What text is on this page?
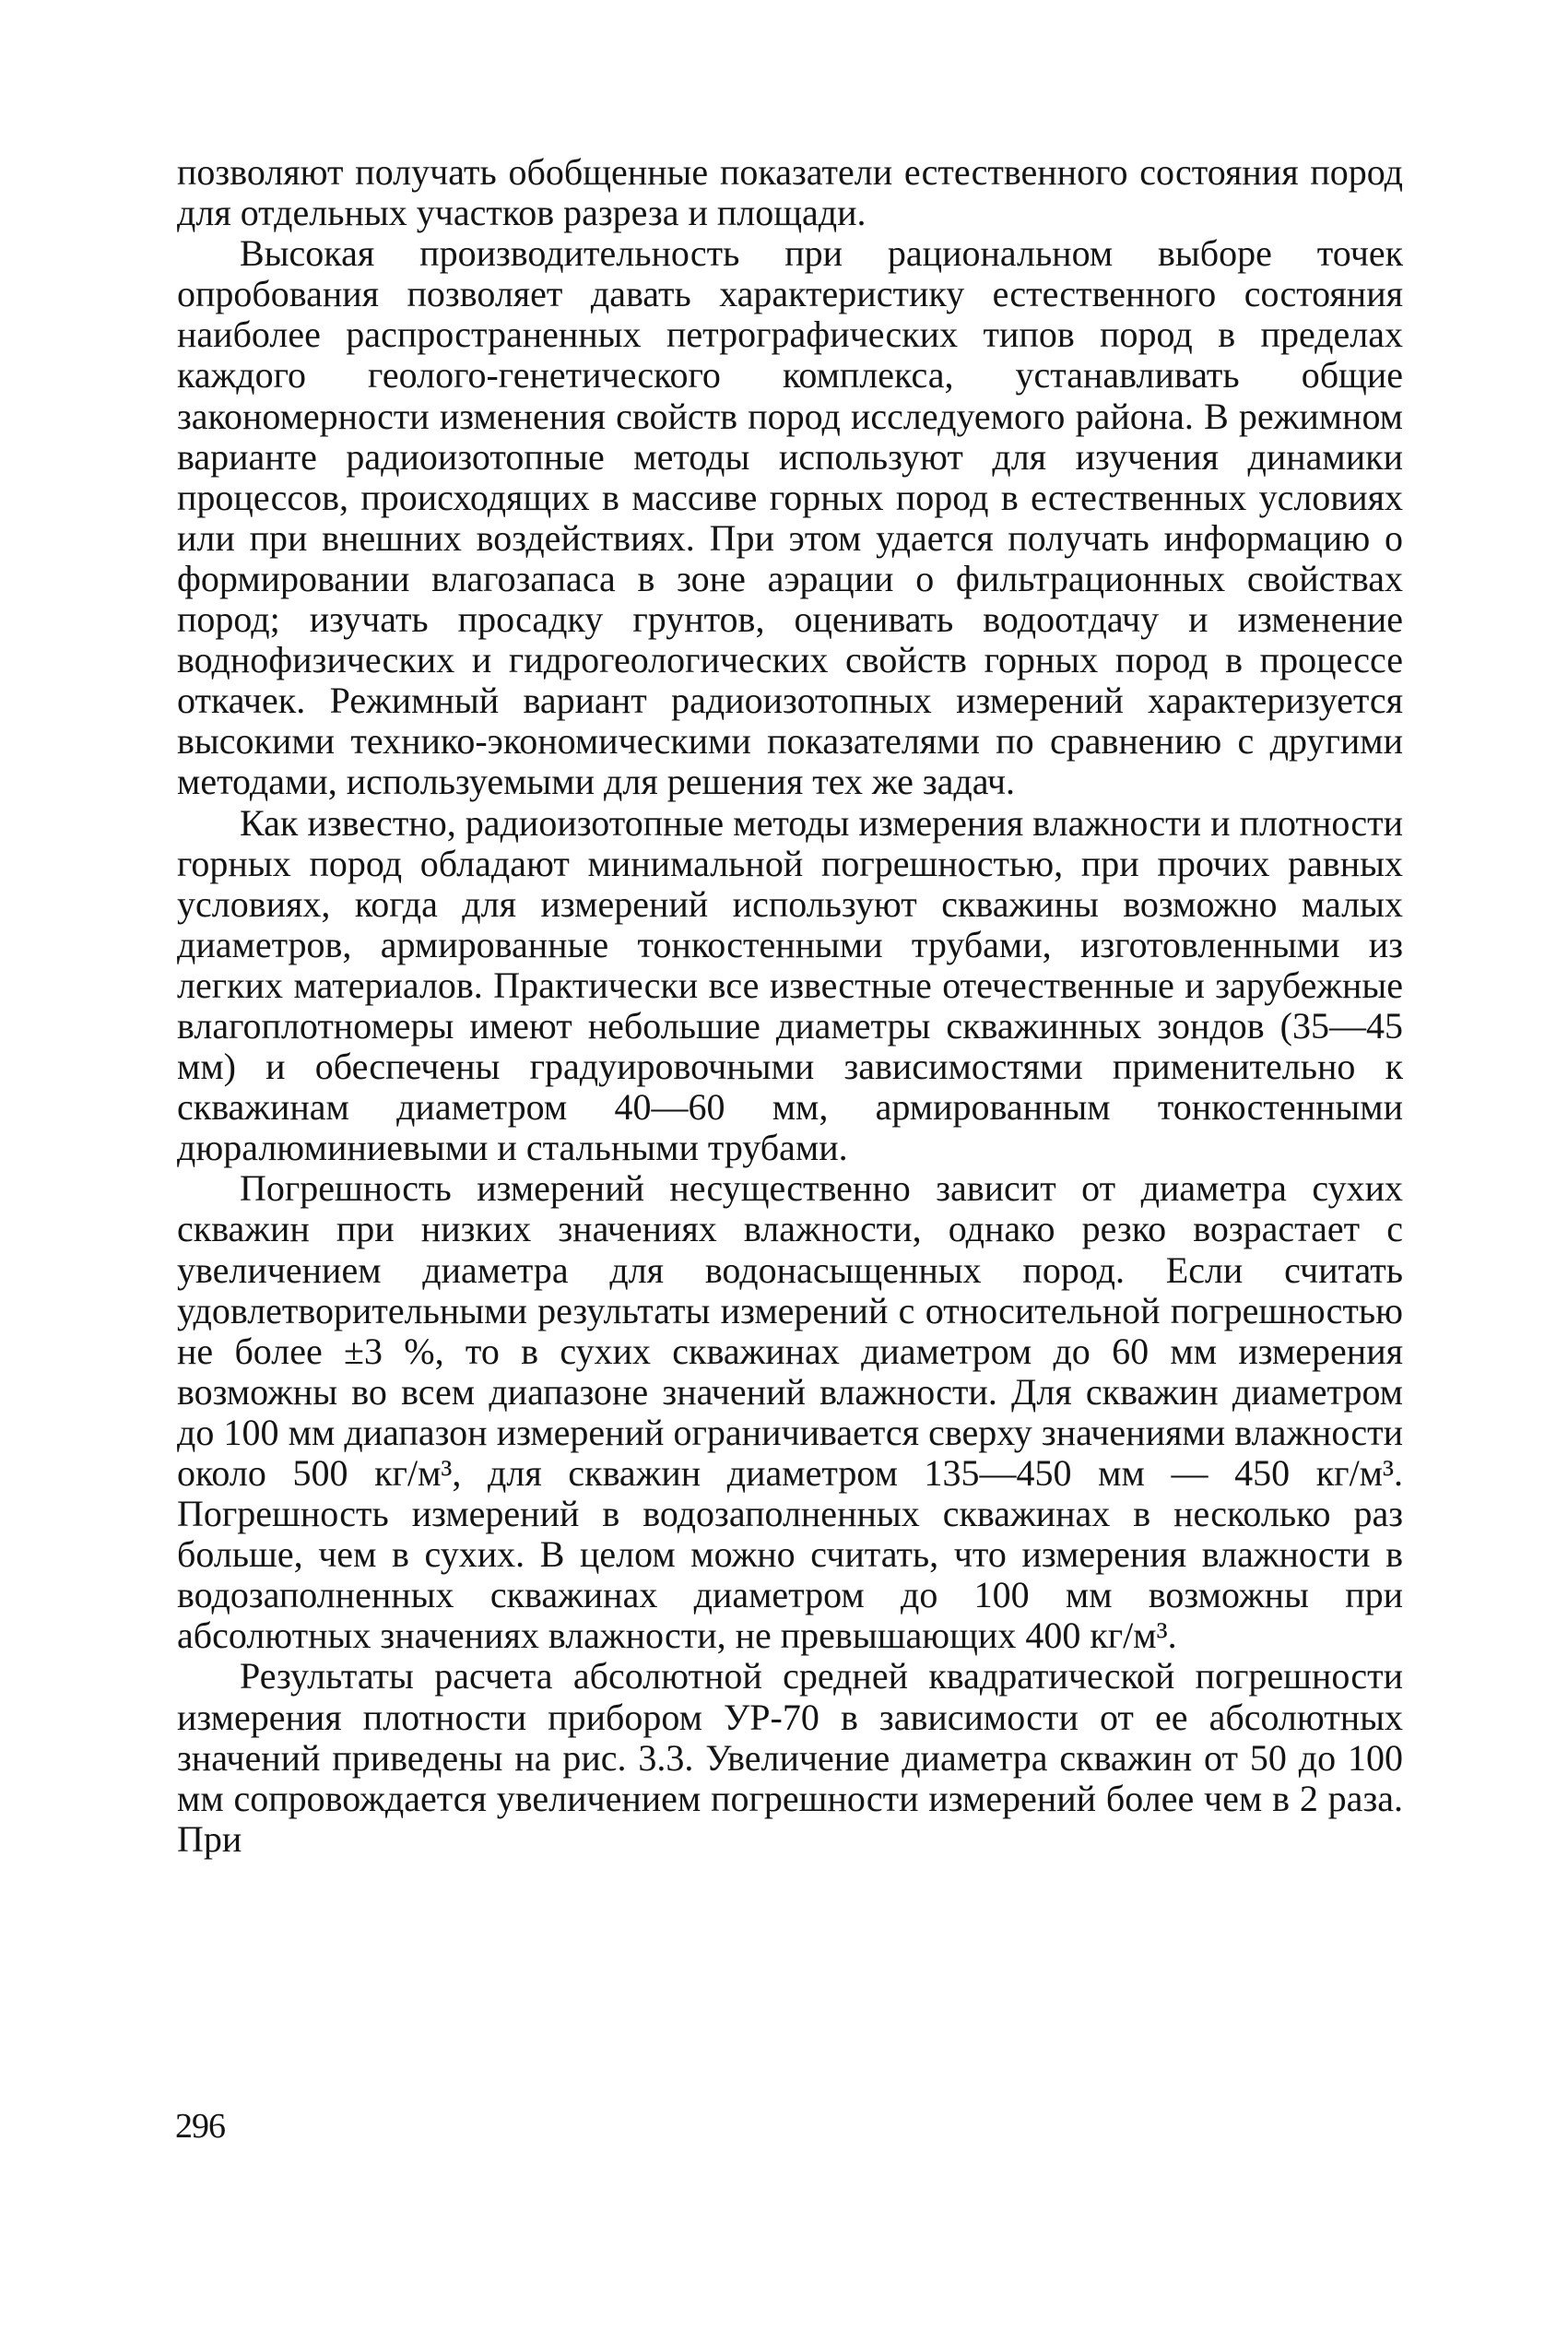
позволяют получать обобщенные показатели естественного состояния пород для отдельных участков разреза и площади.

Высокая производительность при рациональном выборе точек опробования позволяет давать характеристику естественного состояния наиболее распространенных петрографических типов пород в пределах каждого геолого-генетического комплекса, устанавливать общие закономерности изменения свойств пород исследуемого района. В режимном варианте радиоизотопные методы используют для изучения динамики процессов, происходящих в массиве горных пород в естественных условиях или при внешних воздействиях. При этом удается получать информацию о формировании влагозапаса в зоне аэрации о фильтрационных свойствах пород; изучать просадку грунтов, оценивать водоотдачу и изменение воднофизических и гидрогеологических свойств горных пород в процессе откачек. Режимный вариант радиоизотопных измерений характеризуется высокими технико-экономическими показателями по сравнению с другими методами, используемыми для решения тех же задач.

Как известно, радиоизотопные методы измерения влажности и плотности горных пород обладают минимальной погрешностью, при прочих равных условиях, когда для измерений используют скважины возможно малых диаметров, армированные тонкостенными трубами, изготовленными из легких материалов. Практически все известные отечественные и зарубежные влагоплотномеры имеют небольшие диаметры скважинных зондов (35—45 мм) и обеспечены градуировочными зависимостями применительно к скважинам диаметром 40—60 мм, армированным тонкостенными дюралюминиевыми и стальными трубами.

Погрешность измерений несущественно зависит от диаметра сухих скважин при низких значениях влажности, однако резко возрастает с увеличением диаметра для водонасыщенных пород. Если считать удовлетворительными результаты измерений с относительной погрешностью не более ±3 %, то в сухих скважинах диаметром до 60 мм измерения возможны во всем диапазоне значений влажности. Для скважин диаметром до 100 мм диапазон измерений ограничивается сверху значениями влажности около 500 кг/м³, для скважин диаметром 135—450 мм — 450 кг/м³. Погрешность измерений в водозаполненных скважинах в несколько раз больше, чем в сухих. В целом можно считать, что измерения влажности в водозаполненных скважинах диаметром до 100 мм возможны при абсолютных значениях влажности, не превышающих 400 кг/м³.

Результаты расчета абсолютной средней квадратической погрешности измерения плотности прибором УР-70 в зависимости от ее абсолютных значений приведены на рис. 3.3. Увеличение диаметра скважин от 50 до 100 мм сопровождается увеличением погрешности измерений более чем в 2 раза. При

296
